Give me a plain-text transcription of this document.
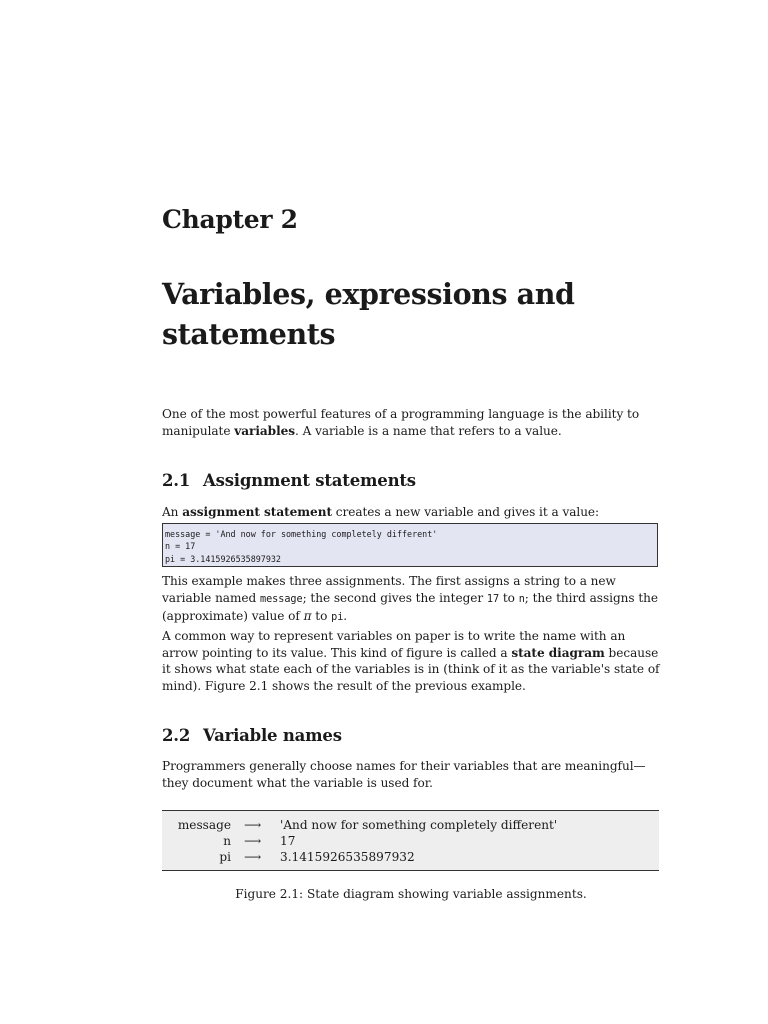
Chapter 2
Variables, expressions and statements
One of the most powerful features of a programming language is the ability to manipulate variables. A variable is a name that refers to a value.
2.1 Assignment statements
An assignment statement creates a new variable and gives it a value:
message = 'And now for something completely different'
n = 17
pi = 3.1415926535897932
This example makes three assignments. The first assigns a string to a new variable named message; the second gives the integer 17 to n; the third assigns the (approximate) value of π to pi.
A common way to represent variables on paper is to write the name with an arrow pointing to its value. This kind of figure is called a state diagram because it shows what state each of the variables is in (think of it as the variable's state of mind). Figure 2.1 shows the result of the previous example.
2.2 Variable names
Programmers generally choose names for their variables that are meaningful—they document what the variable is used for.
message ⟶ 'And now for something completely different'
n ⟶ 17
pi ⟶ 3.1415926535897932
Figure 2.1: State diagram showing variable assignments.
